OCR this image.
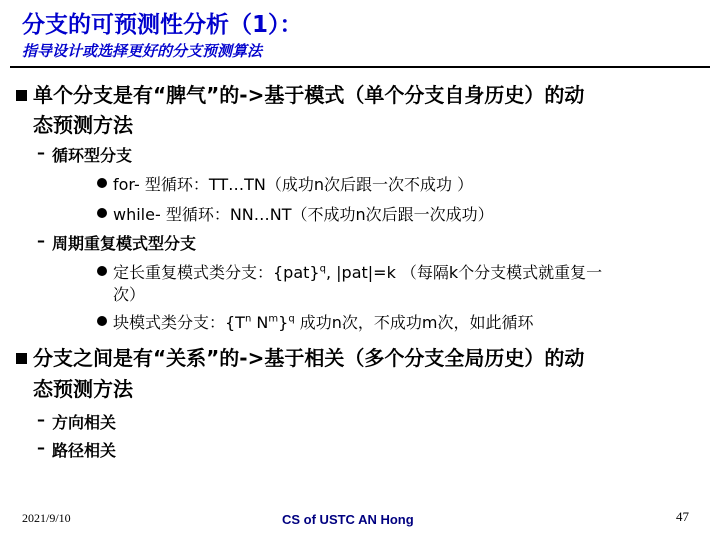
分支的可预测性分析（1）：
指导设计或选择更好的分支预测算法
单个分支是有“脾气”的->基于模式（单个分支自身历史）的动
态预测方法
– 循环型分支
for- 型循环：TT…TN（成功n次后跟一次不成功 ）
while- 型循环：NN…NT（不成功n次后跟一次成功）
– 周期重复模式型分支
定长重复模式类分支：{pat}$^q$, |pat|=k （每隔k个分支模式就重复一
次）
块模式类分支：{$T^n$ $N^m\}^q$ 成功n次，不成功m次，如此循环
分支之间是有“关系”的->基于相关（多个分支全局历史）的动
态预测方法
– 方向相关
– 路径相关
2021/9/10	CS of USTC AN Hong	47
